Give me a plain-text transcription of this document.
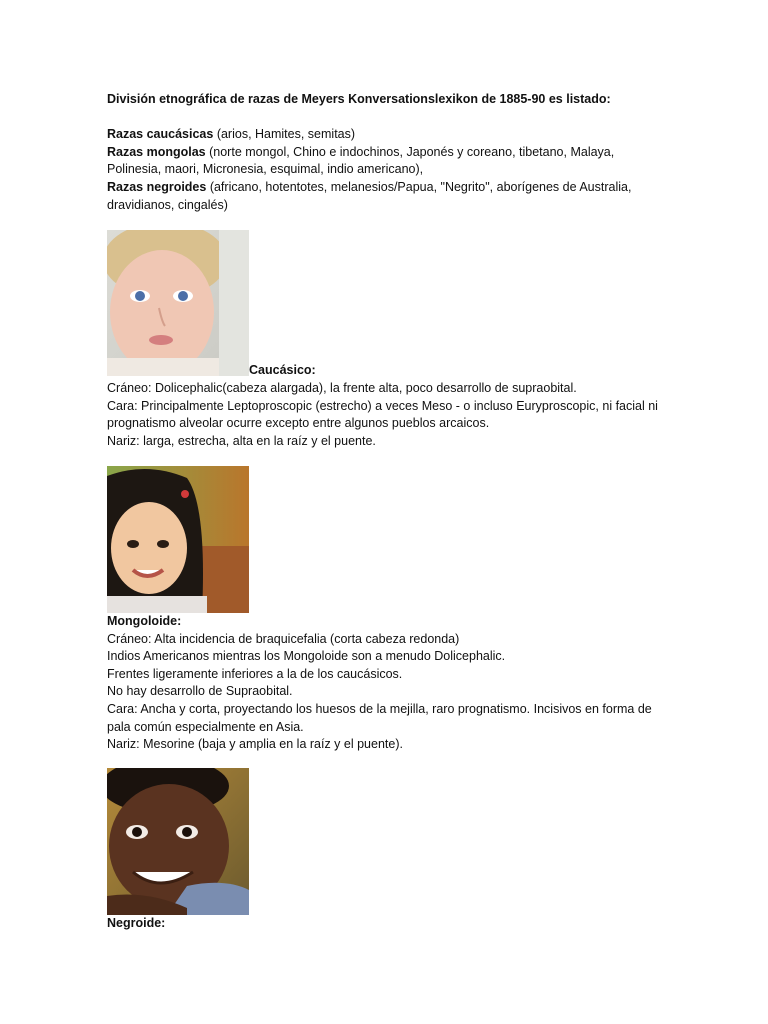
División etnográfica de razas de Meyers Konversationslexikon de 1885-90 es listado:

Razas caucásicas (arios, Hamites, semitas)

Razas mongolas (norte mongol, Chino e indochinos, Japonés y coreano, tibetano, Malaya, Polinesia, maori, Micronesia, esquimal, indio americano),

Razas negroides (africano, hotentotes, melanesios/Papua, "Negrito", aborígenes de Australia, dravidianos, cingalés)

Caucásico:

Cráneo: Dolicephalic(cabeza alargada), la frente alta, poco desarrollo de supraobital.

Cara: Principalmente Leptoproscopic (estrecho) a veces Meso - o incluso Euryproscopic, ni facial ni prognatismo alveolar ocurre excepto entre algunos pueblos arcaicos.

Nariz: larga, estrecha, alta en la raíz y el puente.

Mongoloide:

Cráneo: Alta incidencia de braquicefalia (corta cabeza redonda)

Indios Americanos mientras los Mongoloide son a menudo Dolicephalic.

Frentes ligeramente inferiores a la de los caucásicos.

No hay desarrollo de Supraobital.

Cara: Ancha y corta, proyectando los huesos de la mejilla, raro prognatismo. Incisivos en forma de pala común especialmente en Asia.

Nariz: Mesorine (baja y amplia en la raíz y el puente).

Negroide:
